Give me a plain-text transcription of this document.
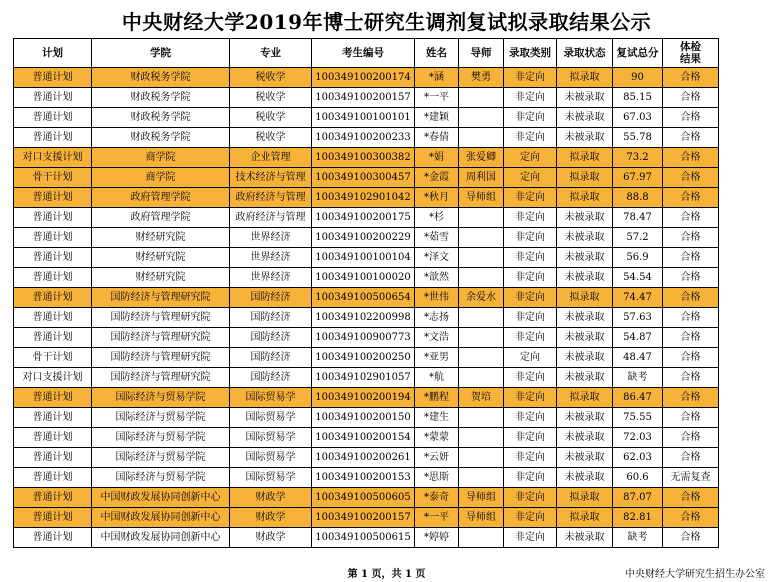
中央财经大学2019年博士研究生调剂复试拟录取结果公示
计划	学院	专业	考生编号	姓名	导师	录取类别	录取状态	复试总分	体检
结果
普通计划	财政税务学院	税收学	100349100200174	*涵	樊勇	非定向	拟录取	90	合格
普通计划	财政税务学院	税收学	100349100200157	*一平		非定向	未被录取	85.15	合格
普通计划	财政税务学院	税收学	100349100100101	*建颖		非定向	未被录取	67.03	合格
普通计划	财政税务学院	税收学	100349100200233	*春倩		非定向	未被录取	55.78	合格
对口支援计划	商学院	企业管理	100349100300382	*娟	张爱卿	定向	拟录取	73.2	合格
骨干计划	商学院	技术经济与管理	100349100300457	*金霞	周利国	定向	拟录取	67.97	合格
普通计划	政府管理学院	政府经济与管理	100349102901042	*秋月	导师组	非定向	拟录取	88.8	合格
普通计划	政府管理学院	政府经济与管理	100349100200175	*杉		非定向	未被录取	78.47	合格
普通计划	财经研究院	世界经济	100349100200229	*茹雪		非定向	未被录取	57.2	合格
普通计划	财经研究院	世界经济	100349100100104	*泽文		非定向	未被录取	56.9	合格
普通计划	财经研究院	世界经济	100349100100020	*歆然		非定向	未被录取	54.54	合格
普通计划	国防经济与管理研究院	国防经济	100349100500654	*世伟	余爱水	非定向	拟录取	74.47	合格
普通计划	国防经济与管理研究院	国防经济	100349102200998	*志扬		非定向	未被录取	57.63	合格
普通计划	国防经济与管理研究院	国防经济	100349100900773	*文浩		非定向	未被录取	54.87	合格
骨干计划	国防经济与管理研究院	国防经济	100349100200250	*亚男		定向	未被录取	48.47	合格
对口支援计划	国防经济与管理研究院	国防经济	100349102901057	*航		非定向	未被录取	缺考	合格
普通计划	国际经济与贸易学院	国际贸易学	100349100200194	*鹏程	贺培	非定向	拟录取	86.47	合格
普通计划	国际经济与贸易学院	国际贸易学	100349100200150	*建生		非定向	未被录取	75.55	合格
普通计划	国际经济与贸易学院	国际贸易学	100349100200154	*蒙蒙		非定向	未被录取	72.03	合格
普通计划	国际经济与贸易学院	国际贸易学	100349100200261	*云妍		非定向	未被录取	62.03	合格
普通计划	国际经济与贸易学院	国际贸易学	100349100200153	*思斯		非定向	未被录取	60.6	无需复查
普通计划	中国财政发展协同创新中心	财政学	100349100500605	*泰奇	导师组	非定向	拟录取	87.07	合格
普通计划	中国财政发展协同创新中心	财政学	100349100200157	*一平	导师组	非定向	拟录取	82.81	合格
普通计划	中国财政发展协同创新中心	财政学	100349100500615	*婷婷		非定向	未被录取	缺考	合格
第 1 页，共 1 页	中央财经大学研究生招生办公室
